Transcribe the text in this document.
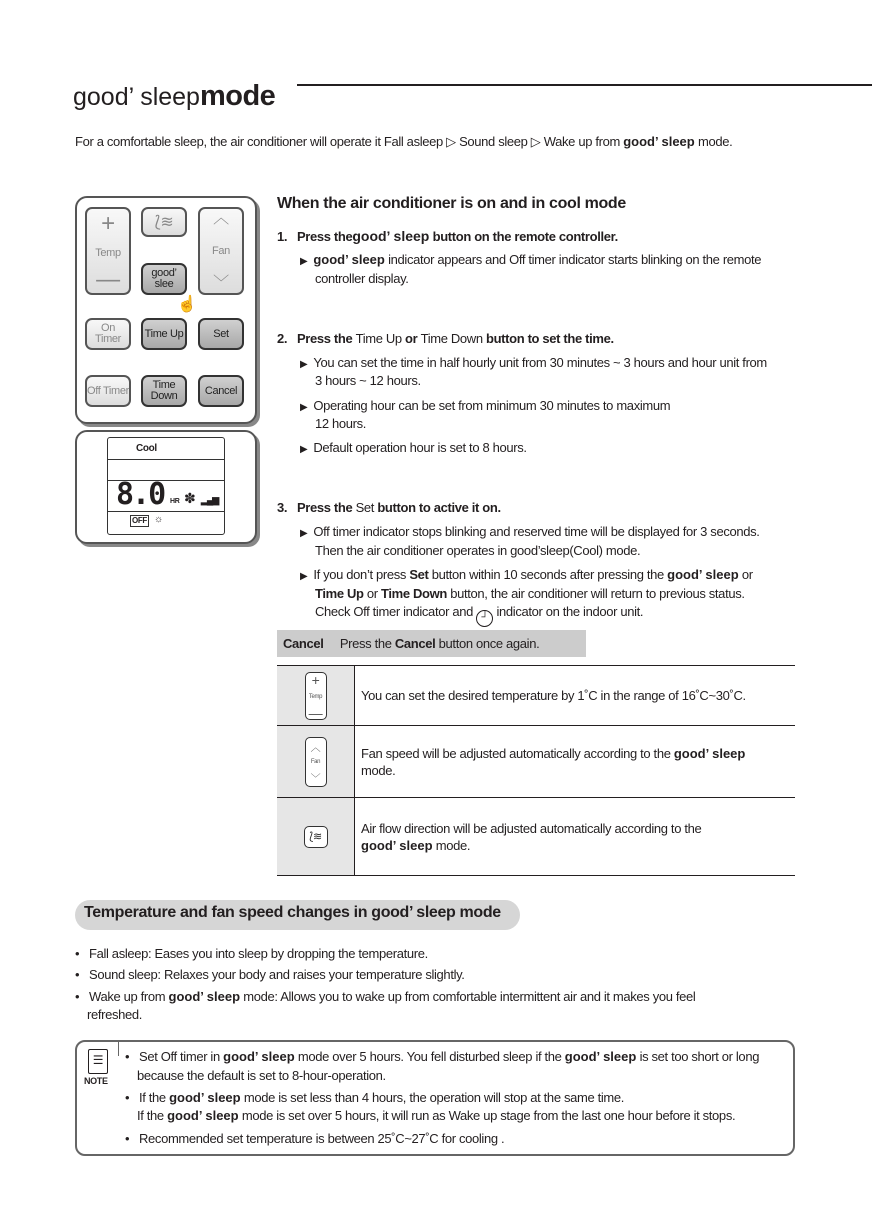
good’ sleepmode
For a comfortable sleep, the air conditioner will operate it Fall asleep ▷ Sound sleep ▷ Wake up from good’ sleep mode.
+
Temp
—
⟅≋	︿
Fan
﹀
good’ slee
☝
On Timer	Time Up	Set
Off Timer	Time Down	Cancel
Cool
8.0 HR ✽ ▂▄▆
OFF ☼
When the air conditioner is on and in cool mode
1. Press thegood’ sleep button on the remote controller.
▶ good’ sleep indicator appears and Off timer indicator starts blinking on the remote
controller display.
2. Press the Time Up or Time Down button to set the time.
▶ You can set the time in half hourly unit from 30 minutes ~ 3 hours and hour unit from
3 hours ~ 12 hours.
▶ Operating hour can be set from minimum 30 minutes to maximum
12 hours.
▶ Default operation hour is set to 8 hours.
3. Press the Set button to active it on.
▶ Off timer indicator stops blinking and reserved time will be displayed for 3 seconds.
Then the air conditioner operates in good’sleep(Cool) mode.
▶ If you don’t press Set button within 10 seconds after pressing the good’ sleep or
Time Up or Time Down button, the air conditioner will return to previous status.
Check Off timer indicator and ┘ indicator on the indoor unit.
Cancel Press the Cancel button once again.
+
Temp
—
You can set the desired temperature by 1˚C in the range of 16˚C~30˚C.
︿
Fan
﹀
Fan speed will be adjusted automatically according to the good’ sleep
mode.
⟅≋
Air flow direction will be adjusted automatically according to the
good’ sleep mode.
Temperature and fan speed changes in good’ sleep mode
•   Fall asleep: Eases you into sleep by dropping the temperature.
•   Sound sleep: Relaxes your body and raises your temperature slightly.
•   Wake up from good’ sleep mode: Allows you to wake up from comfortable intermittent air and it makes you feel
refreshed.
☰
NOTE
•   Set Off timer in good’ sleep mode over 5 hours. You fell disturbed sleep if the good’ sleep is set too short or long
because the default is set to 8-hour-operation.
•   If the good’ sleep mode is set less than 4 hours, the operation will stop at the same time.
If the good’ sleep mode is set over 5 hours, it will run as Wake up stage from the last one hour before it stops.
•   Recommended set temperature is between 25˚C~27˚C for cooling .
